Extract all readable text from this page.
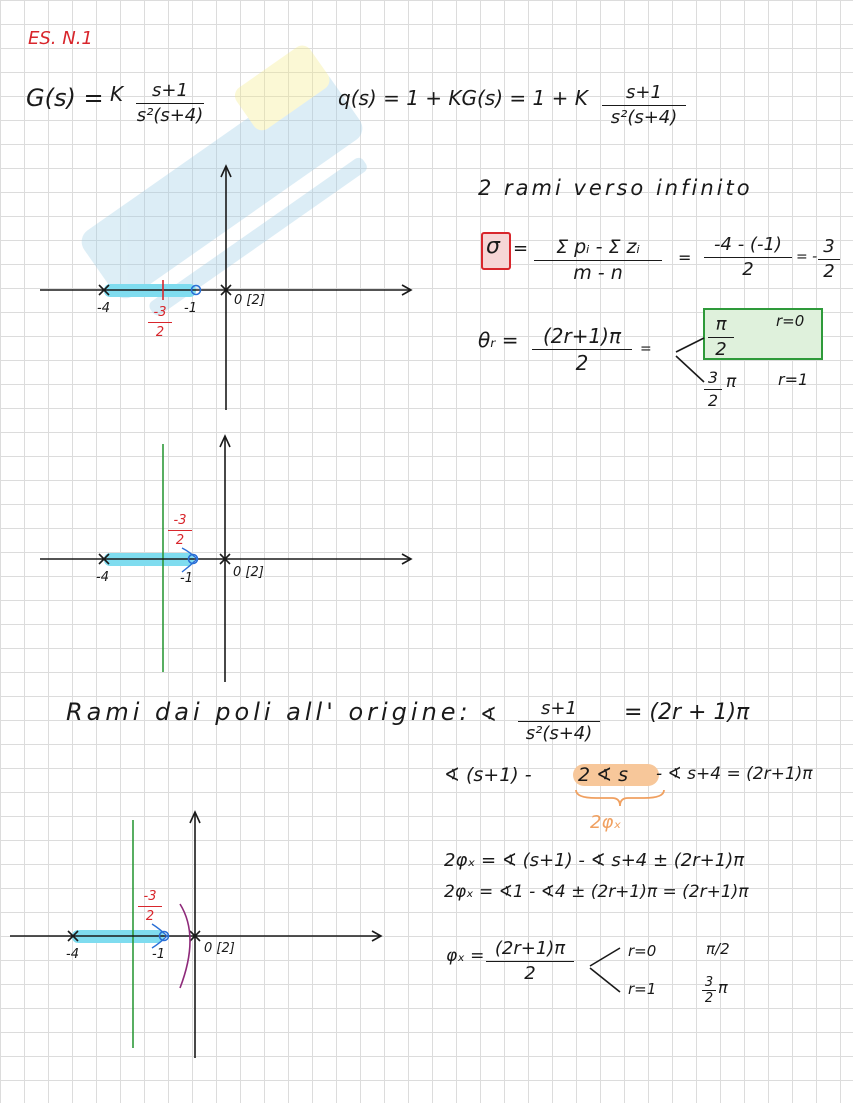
ES. N.1
G(s) = K	s+1
s²(s+4)
q(s) = 1 + KG(s) = 1 + K	s+1
s²(s+4)
2 rami verso infinito
σ =	Σ pᵢ - Σ zᵢ
m - n
=
-4 - (-1)
2
= - 3
2
θᵣ =	(2r+1)π
2
=
π
2
r=0
3
2
π	r=1
-4	-1
0 [2]
-3
2
-4	-1	0 [2]
-3
2
Rami dai poli all' origine: ∢	s+1
s²(s+4)
= (2r + 1)π
∢ (s+1) - 2 ∢ s - ∢ s+4 = (2r+1)π
2φₓ
2φₓ = ∢ (s+1) - ∢ s+4 ± (2r+1)π
2φₓ = ∢1 - ∢4 ± (2r+1)π = (2r+1)π
φₓ = (2r+1)π
2
r=0	π/2
r=1	3
2
π
-4	-1	0 [2]
-3
2
